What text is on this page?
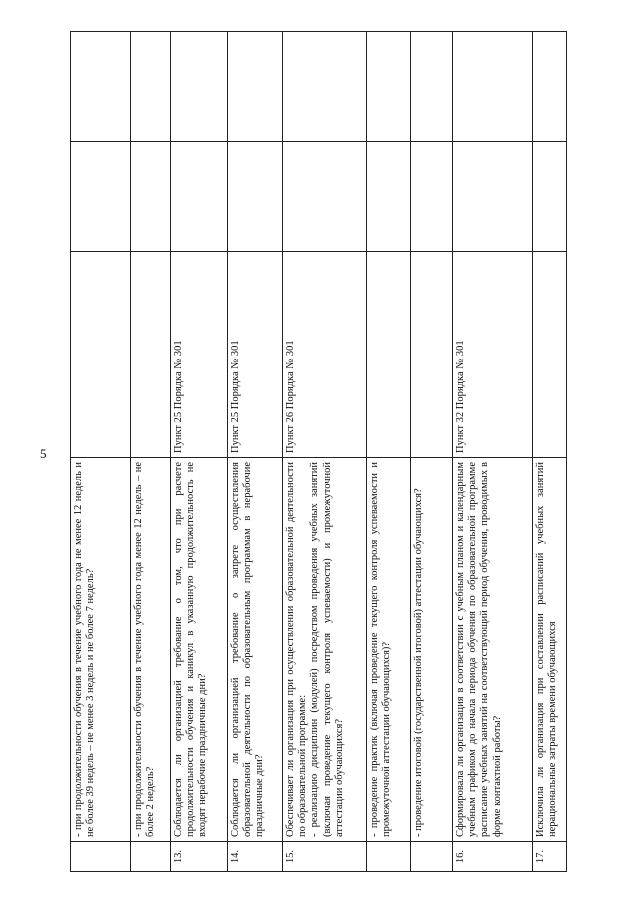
5

	- при продолжительности обучения в течение учебного года не менее 12 недель и не более 39 недель – не менее 3 недель и не более 7 недель?			

	- при продолжительности обучения в течение учебного года менее 12 недель – не более 2 недель?			

13.	Соблюдается ли организацией требование о том, что при расчете продолжительности обучения и каникул в указанную продолжительность не входят нерабочие праздничные дни?	Пункт 25 Порядка № 301		
14.	Соблюдается ли организацией требование о запрете осуществления образовательной деятельности по образовательным программам в нерабочие праздничные дни?	Пункт 25 Порядка № 301		
15.	Обеспечивает ли организация при осуществлении образовательной деятельности по образовательной программе: - реализацию дисциплин (модулей) посредством проведения учебных занятий (включая проведение текущего контроля успеваемости) и промежуточной аттестации обучающихся?	Пункт 26 Порядка № 301		

	- проведение практик (включая проведение текущего контроля успеваемости и промежуточной аттестации обучающихся)?			

	- проведение итоговой (государственной итоговой) аттестации обучающихся?			

16.	Сформировала ли организация в соответствии с учебным планом и календарным учебным графиком до начала периода обучения по образовательной программе расписание учебных занятий на соответствующий период обучения, проводимых в форме контактной работы?	Пункт 32 Порядка № 301		
17.	Исключила ли организация при составлении расписаний учебных занятий нерациональные затраты времени обучающихся			
